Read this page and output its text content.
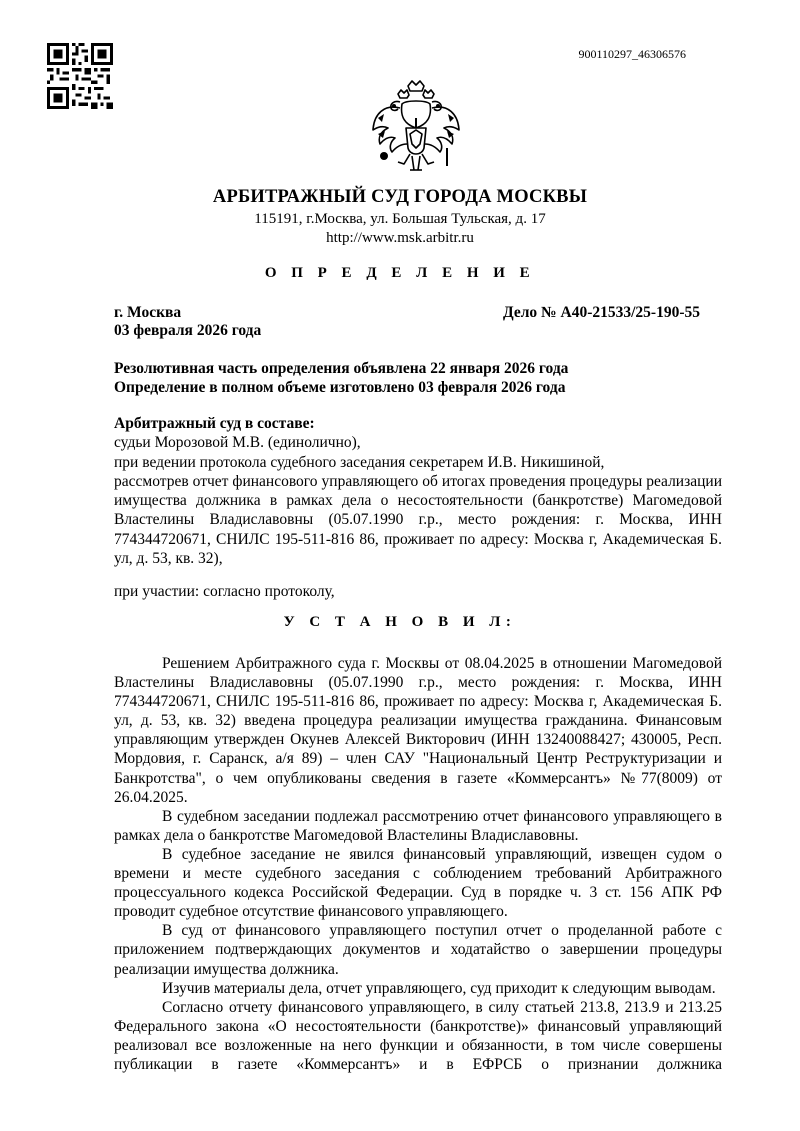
900110297_46306576
АРБИТРАЖНЫЙ СУД ГОРОДА МОСКВЫ
115191, г.Москва, ул. Большая Тульская, д. 17
http://www.msk.arbitr.ru
О П Р Е Д Е Л Е Н И Е
г. Москва	Дело № А40-21533/25-190-55
03 февраля 2026 года
Резолютивная часть определения объявлена 22 января 2026 года
Определение в полном объеме изготовлено 03 февраля 2026 года
Арбитражный суд в составе:
судьи Морозовой М.В. (единолично),
при ведении протокола судебного заседания секретарем И.В. Никишиной,
рассмотрев отчет финансового управляющего об итогах проведения процедуры реализации имущества должника в рамках дела о несостоятельности (банкротстве) Магомедовой Властелины Владиславовны (05.07.1990 г.р., место рождения: г. Москва, ИНН 774344720671, СНИЛС 195-511-816 86, проживает по адресу: Москва г, Академическая Б. ул, д. 53, кв. 32),
при участии: согласно протоколу,
У С Т А Н О В И Л:

Решением Арбитражного суда г. Москвы от 08.04.2025 в отношении Магомедовой Властелины Владиславовны (05.07.1990 г.р., место рождения: г. Москва, ИНН 774344720671, СНИЛС 195-511-816 86, проживает по адресу: Москва г, Академическая Б. ул, д. 53, кв. 32) введена процедура реализации имущества гражданина. Финансовым управляющим утвержден Окунев Алексей Викторович (ИНН 13240088427; 430005, Респ. Мордовия, г. Саранск, а/я 89) – член САУ "Национальный Центр Реструктуризации и Банкротства", о чем опубликованы сведения в газете «Коммерсантъ» №77(8009) от 26.04.2025.

В судебном заседании подлежал рассмотрению отчет финансового управляющего в рамках дела о банкротстве Магомедовой Властелины Владиславовны.

В судебное заседание не явился финансовый управляющий, извещен судом о времени и месте судебного заседания с соблюдением требований Арбитражного процессуального кодекса Российской Федерации. Суд в порядке ч. 3 ст. 156 АПК РФ проводит судебное отсутствие финансового управляющего.

В суд от финансового управляющего поступил отчет о проделанной работе с приложением подтверждающих документов и ходатайство о завершении процедуры реализации имущества должника.

Изучив материалы дела, отчет управляющего, суд приходит к следующим выводам.

Согласно отчету финансового управляющего, в силу статьей 213.8, 213.9 и 213.25 Федерального закона «О несостоятельности (банкротстве)» финансовый управляющий реализовал все возложенные на него функции и обязанности, в том числе совершены публикации в газете «Коммерсантъ» и в ЕФРСБ о признании должника
